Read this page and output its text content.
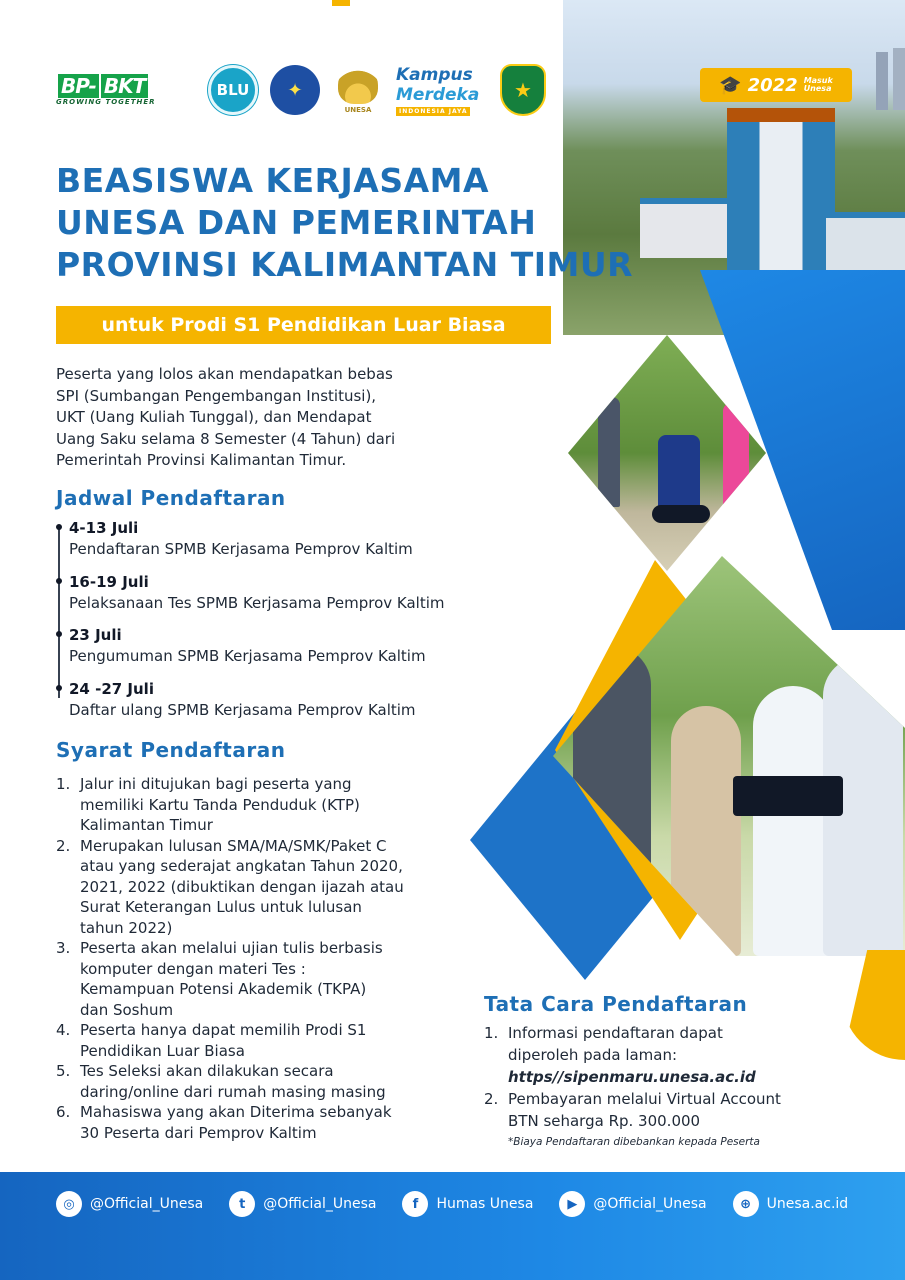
🎓 2022 Masuk
Unesa
BP- BKT
GROWING TOGETHER
BLU	✦
UNESA
Kampus
Merdeka
INDONESIA JAYA
★
BEASISWA KERJASAMA
UNESA DAN PEMERINTAH
PROVINSI KALIMANTAN TIMUR
untuk Prodi S1 Pendidikan Luar Biasa
Peserta yang lolos akan mendapatkan bebas
SPI (Sumbangan Pengembangan Institusi),
UKT (Uang Kuliah Tunggal), dan Mendapat
Uang Saku selama 8 Semester (4 Tahun) dari
Pemerintah Provinsi Kalimantan Timur.
Jadwal Pendaftaran
4-13 Juli
Pendaftaran SPMB Kerjasama Pemprov Kaltim
16-19 Juli
Pelaksanaan Tes SPMB Kerjasama Pemprov Kaltim
23 Juli
Pengumuman SPMB Kerjasama Pemprov Kaltim
24 -27 Juli
Daftar ulang SPMB Kerjasama Pemprov Kaltim
Syarat Pendaftaran
1. Jalur ini ditujukan bagi peserta yang
memiliki Kartu Tanda Penduduk (KTP)
Kalimantan Timur
2. Merupakan lulusan SMA/MA/SMK/Paket C
atau yang sederajat angkatan Tahun 2020,
2021, 2022 (dibuktikan dengan ijazah atau
Surat Keterangan Lulus untuk lulusan
tahun 2022)
3. Peserta akan melalui ujian tulis berbasis
komputer dengan materi Tes :
Kemampuan Potensi Akademik (TKPA)
dan Soshum
4. Peserta hanya dapat memilih Prodi S1
Pendidikan Luar Biasa
5. Tes Seleksi akan dilakukan secara
daring/online dari rumah masing masing
6. Mahasiswa yang akan Diterima sebanyak
30 Peserta dari Pemprov Kaltim
Tata Cara Pendaftaran
1. Informasi pendaftaran dapat
diperoleh pada laman:
https//sipenmaru.unesa.ac.id
2. Pembayaran melalui Virtual Account
BTN seharga Rp. 300.000
*Biaya Pendaftaran dibebankan kepada Peserta
◎	@Official_Unesa	t	@Official_Unesa	f	Humas Unesa	▶	@Official_Unesa	⊕	Unesa.ac.id
